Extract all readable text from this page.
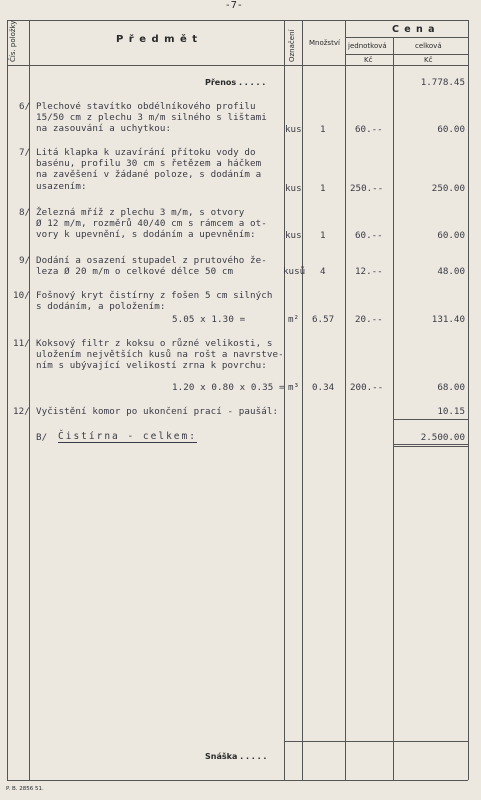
-7-
Čís. položky	P ř e d m ě t	Označení Množství
C e n a
jednotková	celková
Kč	Kč
Přenos . . . . .	1.778.45
6/ Plechové stavítko obdélníkového profilu
15/50 cm z plechu 3 m/m silného s lištami
na zasouvání a uchytkou:	kus 1	60.--	60.00
7/ Litá klapka k uzavírání přítoku vody do
basénu, profilu 30 cm s řetězem a háčkem
na zavěšení v žádané poloze, s dodáním a
usazením:	kus 1	250.--	250.00
8/ Železná mříž z plechu 3 m/m, s otvory
Ø 12 m/m, rozměrů 40/40 cm s rámcem a ot-
vory k upevnění, s dodáním a upevněním:	kus 1	60.--	60.00
9/ Dodání a osazení stupadel z prutového že-
leza Ø 20 m/m o celkové délce 50 cm	kusů 4	12.--	48.00
10/ Fošnový kryt čistírny z fošen 5 cm silných
s dodáním, a položením:
5.05 x 1.30 =	m² 6.57 20.--	131.40
11/ Koksový filtr z koksu o různé velikosti, s
uložením největších kusů na rošt a navrstve-
ním s ubývající velikostí zrna k povrchu:
1.20 x 0.80 x 0.35 = m³ 0.34 200.--	68.00
12/ Vyčistění komor po ukončení prací - paušál:	10.15
B/ Čistírna - celkem:	2.500.00
Snáška . . . . .
P. B. 2856 51.
